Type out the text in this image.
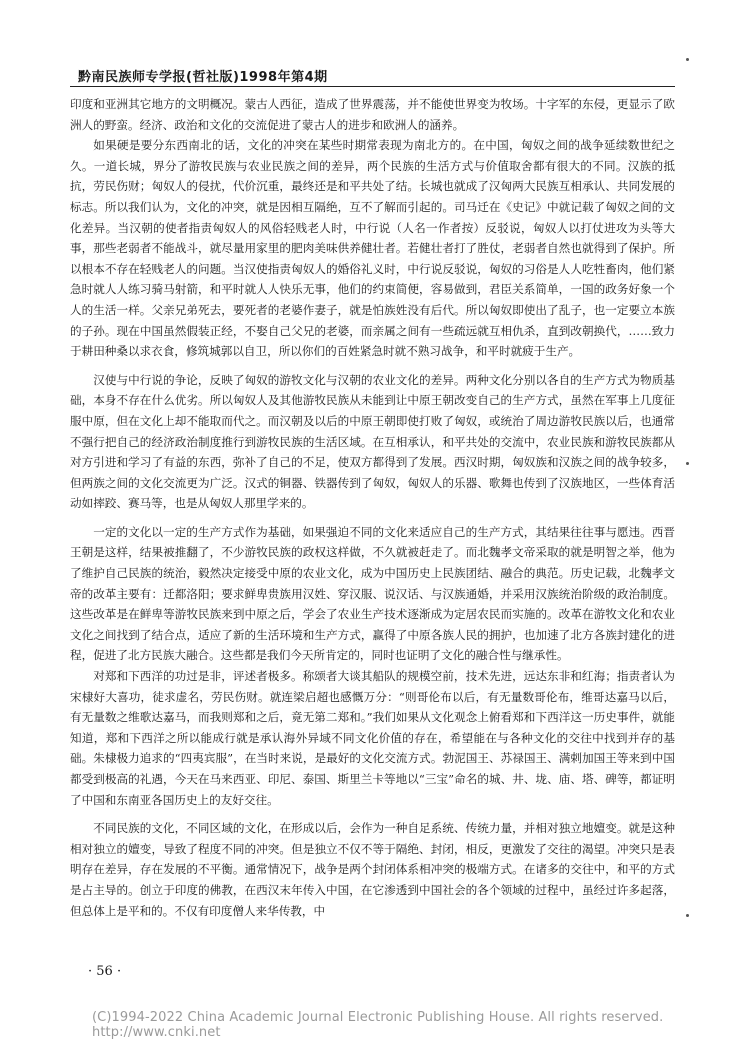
黔南民族师专学报(哲社版)1998年第4期

印度和亚洲其它地方的文明概况。蒙古人西征，造成了世界震荡，并不能使世界变为牧场。十字军的东侵，更显示了欧洲人的野蛮。经济、政治和文化的交流促进了蒙古人的进步和欧洲人的涵养。

如果硬是要分东西南北的话，文化的冲突在某些时期常表现为南北方的。在中国，匈奴之间的战争延续数世纪之久。一道长城，界分了游牧民族与农业民族之间的差异，两个民族的生活方式与价值取舍都有很大的不同。汉族的抵抗，劳民伤财；匈奴人的侵扰，代价沉重，最终还是和平共处了结。长城也就成了汉匈两大民族互相承认、共同发展的标志。所以我们认为，文化的冲突，就是因相互隔绝，互不了解而引起的。司马迁在《史记》中就记载了匈奴之间的文化差异。当汉朝的使者指责匈奴人的风俗轻贱老人时，中行说（人名一作者按）反驳说，匈奴人以打仗进攻为头等大事，那些老弱者不能战斗，就尽量用家里的肥肉美味供养健壮者。若健壮者打了胜仗，老弱者自然也就得到了保护。所以根本不存在轻贱老人的问题。当汉使指责匈奴人的婚俗礼义时，中行说反驳说，匈奴的习俗是人人吃牲畜肉，他们紧急时就人人练习骑马射箭，和平时就人人快乐无事，他们的约束简便，容易做到，君臣关系简单，一国的政务好象一个人的生活一样。父亲兄弟死去，要死者的老婆作妻子，就是怕族姓没有后代。所以匈奴即使出了乱子，也一定要立本族的子孙。现在中国虽然假装正经，不娶自己父兄的老婆，而亲属之间有一些疏远就互相仇杀，直到改朝换代，……致力于耕田种桑以求衣食，修筑城郭以自卫，所以你们的百姓紧急时就不熟习战争，和平时就疲于生产。

汉使与中行说的争论，反映了匈奴的游牧文化与汉朝的农业文化的差异。两种文化分别以各自的生产方式为物质基础，本身不存在什么优劣。所以匈奴人及其他游牧民族从未能到让中原王朝改变自己的生产方式，虽然在军事上几度征服中原，但在文化上却不能取而代之。而汉朝及以后的中原王朝即使打败了匈奴，或统治了周边游牧民族以后，也通常不强行把自己的经济政治制度推行到游牧民族的生活区域。在互相承认，和平共处的交流中，农业民族和游牧民族都从对方引进和学习了有益的东西，弥补了自己的不足，使双方都得到了发展。西汉时期，匈奴族和汉族之间的战争较多，但两族之间的文化交流更为广泛。汉式的铜器、铁器传到了匈奴，匈奴人的乐器、歌舞也传到了汉族地区，一些体育活动如摔跤、赛马等，也是从匈奴人那里学来的。

一定的文化以一定的生产方式作为基础，如果强迫不同的文化来适应自己的生产方式，其结果往往事与愿违。西晋王朝是这样，结果被推翻了，不少游牧民族的政权这样做，不久就被赶走了。而北魏孝文帝采取的就是明智之举，他为了维护自己民族的统治，毅然决定接受中原的农业文化，成为中国历史上民族团结、融合的典范。历史记载，北魏孝文帝的改革主要有：迁都洛阳；要求鲜卑贵族用汉姓、穿汉服、说汉话、与汉族通婚，并采用汉族统治阶级的政治制度。这些改革是在鲜卑等游牧民族来到中原之后，学会了农业生产技术逐渐成为定居农民而实施的。改革在游牧文化和农业文化之间找到了结合点，适应了新的生活环境和生产方式，赢得了中原各族人民的拥护，也加速了北方各族封建化的进程，促进了北方民族大融合。这些都是我们今天所肯定的，同时也证明了文化的融合性与继承性。

对郑和下西洋的功过是非，评述者极多。称颂者大谈其船队的规模空前，技术先进，远达东非和红海；指责者认为宋棣好大喜功，徒求虚名，劳民伤财。就连梁启超也感慨万分：“则哥伦布以后，有无量数哥伦布，维哥达嘉马以后，有无量数之维歌达嘉马，而我则郑和之后，竟无第二郑和。”我们如果从文化观念上俯看郑和下西洋这一历史事件，就能知道，郑和下西洋之所以能成行就是承认海外异域不同文化价值的存在，希望能在与各种文化的交往中找到并存的基础。朱棣极力追求的“四夷宾服”，在当时来说，是最好的文化交流方式。勃泥国王、苏禄国王、满剌加国王等来到中国都受到极高的礼遇，今天在马来西亚、印尼、泰国、斯里兰卡等地以“三宝”命名的城、井、垅、庙、塔、碑等，都证明了中国和东南亚各国历史上的友好交往。

不同民族的文化，不同区域的文化，在形成以后，会作为一种自足系统、传统力量，并相对独立地嬗变。就是这种相对独立的嬗变，导致了程度不同的冲突。但是独立不仅不等于隔绝、封闭，相反，更激发了交往的渴望。冲突只是表明存在差异，存在发展的不平衡。通常情况下，战争是两个封闭体系相冲突的极端方式。在诸多的交往中，和平的方式是占主导的。创立于印度的佛教，在西汉末年传入中国，在它渗透到中国社会的各个领域的过程中，虽经过许多起落，但总体上是平和的。不仅有印度僧人来华传教，中

· 56 ·
(C)1994-2022 China Academic Journal Electronic Publishing House. All rights reserved. http://www.cnki.net
